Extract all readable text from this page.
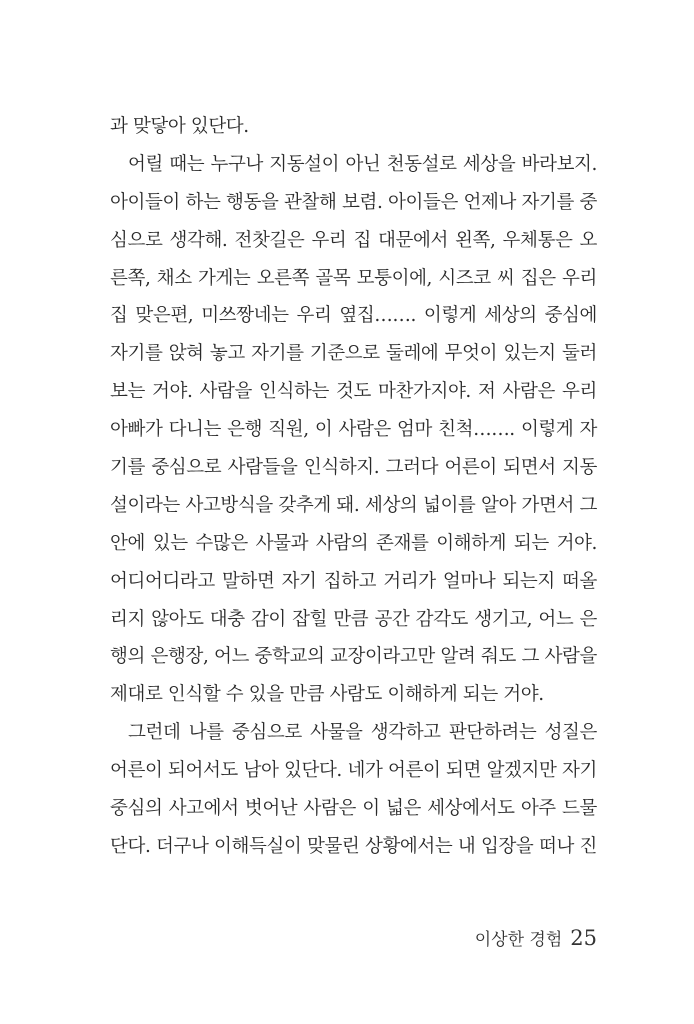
과 맞닿아 있단다.
어릴 때는 누구나 지동설이 아닌 천동설로 세상을 바라보지.
아이들이 하는 행동을 관찰해 보렴. 아이들은 언제나 자기를 중
심으로 생각해. 전찻길은 우리 집 대문에서 왼쪽, 우체통은 오
른쪽, 채소 가게는 오른쪽 골목 모퉁이에, 시즈코 씨 집은 우리
집 맞은편, 미쓰짱네는 우리 옆집……. 이렇게 세상의 중심에
자기를 앉혀 놓고 자기를 기준으로 둘레에 무엇이 있는지 둘러
보는 거야. 사람을 인식하는 것도 마찬가지야. 저 사람은 우리
아빠가 다니는 은행 직원, 이 사람은 엄마 친척……. 이렇게 자
기를 중심으로 사람들을 인식하지. 그러다 어른이 되면서 지동
설이라는 사고방식을 갖추게 돼. 세상의 넓이를 알아 가면서 그
안에 있는 수많은 사물과 사람의 존재를 이해하게 되는 거야.
어디어디라고 말하면 자기 집하고 거리가 얼마나 되는지 떠올
리지 않아도 대충 감이 잡힐 만큼 공간 감각도 생기고, 어느 은
행의 은행장, 어느 중학교의 교장이라고만 알려 줘도 그 사람을
제대로 인식할 수 있을 만큼 사람도 이해하게 되는 거야.
그런데 나를 중심으로 사물을 생각하고 판단하려는 성질은
어른이 되어서도 남아 있단다. 네가 어른이 되면 알겠지만 자기
중심의 사고에서 벗어난 사람은 이 넓은 세상에서도 아주 드물
단다. 더구나 이해득실이 맞물린 상황에서는 내 입장을 떠나 진
이상한 경험 25
